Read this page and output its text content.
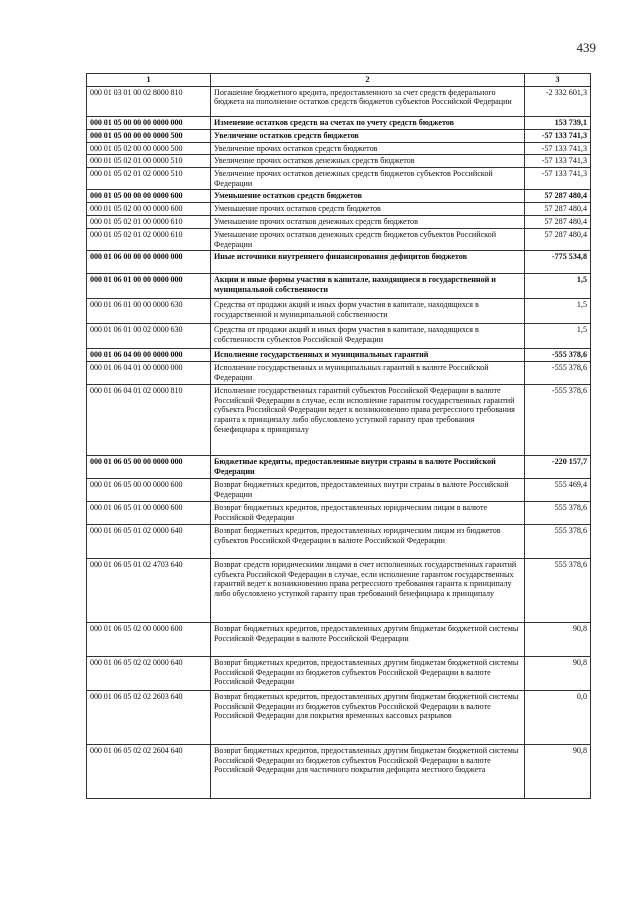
439
1	2	3
000 01 03 01 00 02 8000 810	Погашение бюджетного кредита, предоставленного за счет средств федерального бюджета на пополнение остатков средств бюджетов субъектов Российской Федерации	-2 332 601,3
000 01 05 00 00 00 0000 000	Изменение остатков средств на счетах по учету средств бюджетов	153 739,1
000 01 05 00 00 00 0000 500	Увеличение остатков средств бюджетов	-57 133 741,3
000 01 05 02 00 00 0000 500	Увеличение прочих остатков средств бюджетов	-57 133 741,3
000 01 05 02 01 00 0000 510	Увеличение прочих остатков денежных средств бюджетов	-57 133 741,3
000 01 05 02 01 02 0000 510	Увеличение прочих остатков денежных средств бюджетов субъектов Российской Федерации	-57 133 741,3
000 01 05 00 00 00 0000 600	Уменьшение остатков средств бюджетов	57 287 480,4
000 01 05 02 00 00 0000 600	Уменьшение прочих остатков средств бюджетов	57 287 480,4
000 01 05 02 01 00 0000 610	Уменьшение прочих остатков денежных средств бюджетов	57 287 480,4
000 01 05 02 01 02 0000 610	Уменьшение прочих остатков денежных средств бюджетов субъектов Российской Федерации	57 287 480,4
000 01 06 00 00 00 0000 000	Иные источники внутреннего финансирования дефицитов бюджетов	-775 534,8
000 01 06 01 00 00 0000 000	Акции и иные формы участия в капитале, находящиеся в государственной и муниципальной собственности	1,5
000 01 06 01 00 00 0000 630	Средства от продажи акций и иных форм участия в капитале, находящихся в государственной и муниципальной собственности	1,5
000 01 06 01 00 02 0000 630	Средства от продажи акций и иных форм участия в капитале, находящихся в собственности субъектов Российской Федерации	1,5
000 01 06 04 00 00 0000 000	Исполнение государственных и муниципальных гарантий	-555 378,6
000 01 06 04 01 00 0000 000	Исполнение государственных и муниципальных гарантий в валюте Российской Федерации	-555 378,6
000 01 06 04 01 02 0000 810	Исполнение государственных гарантий субъектов Российской Федерации в валюте Российской Федерации в случае, если исполнение гарантом государственных гарантий субъекта Российской Федерации ведет к возникновению права регрессного требования гаранта к принципалу либо обусловлено уступкой гаранту прав требования бенефициара к принципалу	-555 378,6
000 01 06 05 00 00 0000 000	Бюджетные кредиты, предоставленные внутри страны в валюте Российской Федерации	-220 157,7
000 01 06 05 00 00 0000 600	Возврат бюджетных кредитов, предоставленных внутри страны в валюте Российской Федерации	555 469,4
000 01 06 05 01 00 0000 600	Возврат бюджетных кредитов, предоставленных юридическим лицам в валюте Российской Федерации	555 378,6
000 01 06 05 01 02 0000 640	Возврат бюджетных кредитов, предоставленных юридическим лицам из бюджетов субъектов Российской Федерации в валюте Российской Федерации	555 378,6
000 01 06 05 01 02 4703 640	Возврат средств юридическими лицами в счет исполненных государственных гарантий субъекта Российской Федерации в случае, если исполнение гарантом государственных гарантий ведет к возникновению права регрессного требования гаранта к принципалу либо обусловлено уступкой гаранту прав требований бенефициара к принципалу	555 378,6
000 01 06 05 02 00 0000 600	Возврат бюджетных кредитов, предоставленных другим бюджетам бюджетной системы Российской Федерации в валюте Российской Федерации	90,8
000 01 06 05 02 02 0000 640	Возврат бюджетных кредитов, предоставленных другим бюджетам бюджетной системы Российской Федерации из бюджетов субъектов Российской Федерации в валюте Российской Федерации	90,8
000 01 06 05 02 02 2603 640	Возврат бюджетных кредитов, предоставленных другим бюджетам бюджетной системы Российской Федерации из бюджетов субъектов Российской Федерации в валюте Российской Федерации для покрытия временных кассовых разрывов	0,0
000 01 06 05 02 02 2604 640	Возврат бюджетных кредитов, предоставленных другим бюджетам бюджетной системы Российской Федерации из бюджетов субъектов Российской Федерации в валюте Российской Федерации для частичного покрытия дефицита местного бюджета	90,8
